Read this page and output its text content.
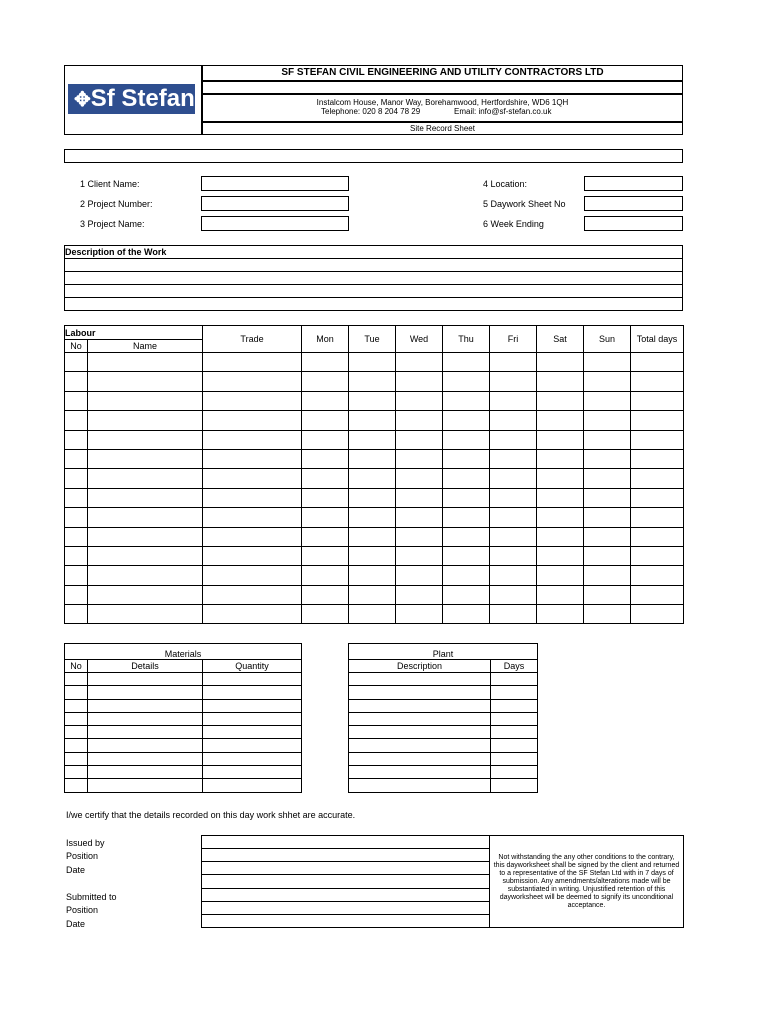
✥Sf Stefan
SF STEFAN CIVIL ENGINEERING AND UTILITY CONTRACTORS LTD
Instalcom House, Manor Way, Borehamwood, Hertfordshire, WD6 1QH
Telephone: 020 8 204 78 29	Email: info@sf-stefan.co.uk
Site Record Sheet
1 Client Name:
2 Project Number:
3 Project Name:
4 Location:
5 Daywork Sheet No
6 Week Ending
Description of the Work

Labour		Trade	Mon	Tue	Wed	Thu	Fri	Sat	Sun	Total days
No	Name									

Materials		
No	Details	Quantity

Plant	
Description	Days

I/we certify that the details recorded on this day work shhet are accurate.
Issued by
Position
Date
Submitted to
Position
Date

Not withstanding the any other conditions to the contrary, this dayworksheet shall be signed by the client and returned to a representative of the SF Stefan Ltd with in 7 days of submission. Any amendments/alterations made will be substantiated in writing. Unjustified retention of this dayworksheet will be deemed to signify its unconditional acceptance.
